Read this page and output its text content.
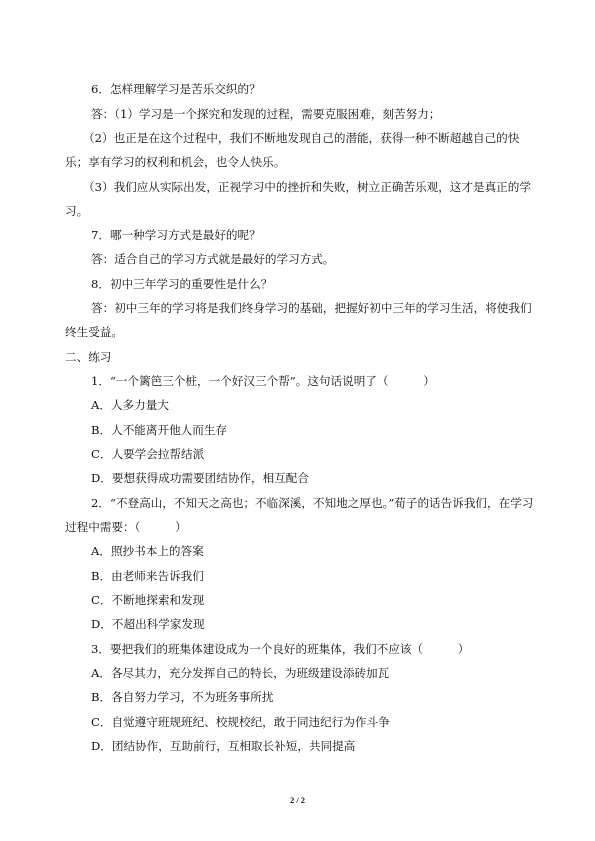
6．怎样理解学习是苦乐交织的？
答：（1）学习是一个探究和发现的过程，需要克服困难，刻苦努力；
（2）也正是在这个过程中，我们不断地发现自己的潜能，获得一种不断超越自己的快
乐；享有学习的权利和机会，也令人快乐。
（3）我们应从实际出发，正视学习中的挫折和失败，树立正确苦乐观，这才是真正的学
习。
7．哪一种学习方式是最好的呢？
答：适合自己的学习方式就是最好的学习方式。
8．初中三年学习的重要性是什么？
答：初中三年的学习将是我们终身学习的基础，把握好初中三年的学习生活，将使我们
终生受益。
二、练习
1．“一个篱笆三个桩，一个好汉三个帮”。这句话说明了（　　　）
A．人多力量大
B．人不能离开他人而生存
C．人要学会拉帮结派
D．要想获得成功需要团结协作，相互配合
2．“不登高山，不知天之高也；不临深溪，不知地之厚也。”荀子的话告诉我们，在学习
过程中需要：（　　　）
A．照抄书本上的答案
B．由老师来告诉我们
C．不断地探索和发现
D．不超出科学家发现
3．要把我们的班集体建设成为一个良好的班集体，我们不应该（　　　）
A．各尽其力，充分发挥自己的特长，为班级建设添砖加瓦
B．各自努力学习，不为班务事所扰
C．自觉遵守班规班纪、校规校纪，敢于同违纪行为作斗争
D．团结协作，互助前行，互相取长补短，共同提高
2 / 2
